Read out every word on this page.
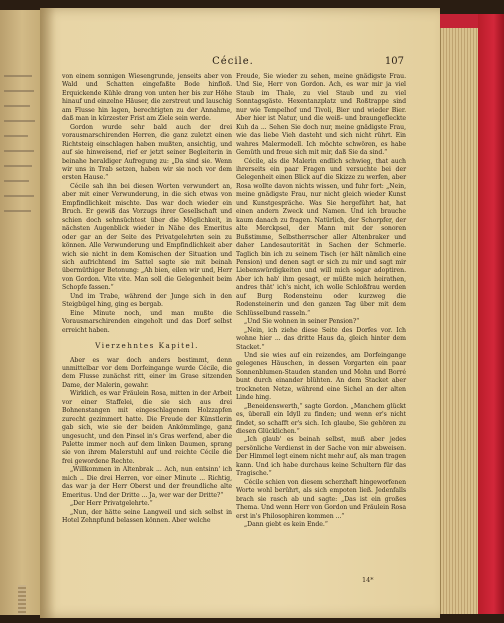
Cécile.	107

von einem sonnigen Wiesengrunde, jenseits aber von Wald und Schatten eingefaßte Bode hinfloß. Erquickende Kühle drang von unten her bis zur Höhe hinauf und einzelne Häuser, die zerstreut und lauschig am Flusse hin lagen, berechtigten zu der Annahme, daß man in kürzester Frist am Ziele sein werde.

Gordon wurde sehr bald auch der drei vorausmarschirenden Herren, die ganz zuletzt einen Richtsteig einschlagen haben mußten, ansichtig, und auf sie hinweisend, rief er jetzt seiner Begleiterin in beinahe heraldiger Aufregung zu: „Da sind sie. Wenn wir uns in Trab setzen, haben wir sie noch vor dem ersten Hause.“

Cécile sah ihn bei diesen Worten verwundert an, aber mit einer Verwunderung, in die sich etwas von Empfindlichkeit mischte. Das war doch wieder ein Bruch. Er gewiß das Vorzugs ihrer Gesellschaft und schien doch sehnsüchtest über die Möglichkeit, in nächsten Augenblick wieder in Nähe des Emeritus oder gar an der Seite des Privatgelehrten sein zu können. Alle Verwunderung und Empfindlichkeit aber wich sie nicht in dem Komischen der Situation und sich aufrichtend im Sattel sagte sie mit beinah übermüthiger Betonung: „Ah bien, eilen wir und, Herr von Gordon. Vite vite. Man soll die Gelegenheit beim Schopfe fassen.“

Und im Trabe, während der Junge sich in den Steigbügel hing, ging es bergab.

Eine Minute noch, und man mußte die Vorausmarschirenden eingeholt und das Dorf selbst erreicht haben.

Vierzehntes Kapitel.

Aber es war doch anders bestimmt, denn unmittelbar vor dem Dorfeingange wurde Cécile, die dem Flusse zunächst ritt, einer im Grase sitzenden Dame, der Malerin, gewahr.

Wirklich, es war Fräulein Rosa, mitten in der Arbeit vor einer Staffelei, die sie sich aus drei Bohnenstangen mit eingeschlagenem Holzzapfen zurecht gezimmert hatte. Die Freude der Künstlerin gab sich, wie sie der beiden Ankömmlinge, ganz ungesucht, und den Pinsel in's Gras werfend, aber die Palette immer noch auf dem linken Daumen, sprang sie von ihrem Malerstuhl auf und reichte Cécile die frei gewordene Rechte.

„Willkommen in Altenbrak ... Ach, nun entsinn' ich mich .. Die drei Herren, vor einer Minute ... Richtig, das war ja der Herr Oberst und der freundliche alte Emeritus. Und der Dritte ... Ja, wer war der Dritte?“

„Der Herr Privatgelehrte.“

„Nun, der hätte seine Langweil und sich selbst in Hotel Zehnpfund belassen können. Aber welche

Freude, Sie wieder zu sehen, meine gnädigste Frau. Und Sie, Herr von Gordon. Ach, es war mir ja viel Staub im Thale, zu viel Staub und zu viel Sonntagsgäste. Hexentanzplatz und Roßtrappe sind nur wie Tempelhof und Tivoli, Bier und wieder Bier. Aber hier ist Natur, und die weiß- und braungefleckte Kuh da ... Sehen Sie doch nur, meine gnädigste Frau, wie das liebe Vieh dasteht und sich nicht rührt. Ein wahres Malermodell. Ich möchte schwören, es habe Gemüth und freue sich mit mir, daß Sie da sind.“

Cécile, als die Malerin endlich schwieg, that auch ihrerseits ein paar Fragen und versuchte bei der Gelegenheit einen Blick auf die Skizze zu werfen, aber Rosa wollte davon nichts wissen, und fuhr fort: „Nein, meine gnädigste Frau, nur nicht gleich wieder Kunst und Kunstgespräche. Was Sie hergeführt hat, hat einen andern Zweck und Namen. Und ich brauche kaum danach zu fragen. Natürlich, der Schorpfer, der alte Merckpsel, der Mann mit der sonoren Bußstimme, Selbstherrscher aller Altenbraker und daher Landesautorität in Sachen der Schmerle. Taglich bin ich zu seinem Tisch (er hält nämlich eine Pension) und denen sagt er sich zu mir und sagt mir Liebenswürdigkeiten und will mich sogar adoptiren. Aber ich hab' ihm gesagt, er müßte mich heirathen, andres thät' ich's nicht, ich wolle Schloßfrau werden auf Burg Rodensteinu oder kurzweg die Rodensteinerin und den ganzen Tag über mit dem Schlüsselbund rasseln.“

„Und Sie wohnen in seiner Pension?“

„Nein, ich ziehe diese Seite des Dorfes vor. Ich wohne hier ... das dritte Haus da, gleich hinter dem Stacket.“

Und sie wies auf ein reizendes, am Dorfeingange gelegenes Häuschen, in dessen Vorgarten ein paar Sonnenblumen-Stauden standen und Mohn und Borré bunt durch einander blühten. An dem Stacket aber trockneten Netze, während eine Sichel an der alten Linde hing.

„Beneidenswerth,“ sagte Gordon. „Manchem glückt es, überall ein Idyll zu finden; und wenn er's nicht findet, so schafft er's sich. Ich glaube, Sie gehören zu diesen Glücklichen.“

„Ich glaub' es beinah selbst, muß aber jedes persönliche Verdienst in der Sache von mir abweisen. Der Himmel legt einem nicht mehr auf, als man tragen kann. Und ich habe durchaus keine Schultern für das Tragische.“

Cécile schien von diesem scherzhaft hingeworfenen Worte wohl berührt, als sich empoten ließ. Jedenfalls brach sie rasch ab und sagte: „Das ist ein großes Thema. Und wenn Herr von Gordon und Fräulein Rosa erst in's Philosophiren kommen ...“

„Dann giebt es kein Ende.“

14*
